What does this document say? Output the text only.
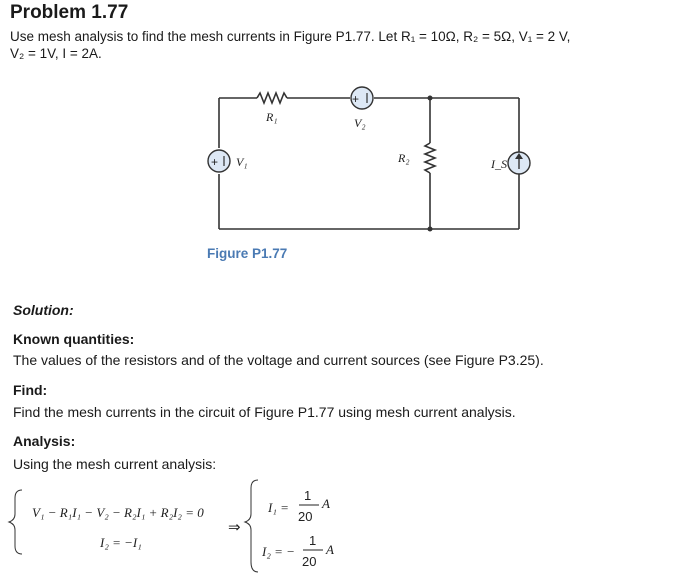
Problem 1.77
Use mesh analysis to find the mesh currents in Figure P1.77. Let R₁ = 10Ω, R₂ = 5Ω, V₁ = 2 V,
V₂ = 1V, I = 2A.
+ V₁
+
V₂
R₁
R₂	I_S
Figure P1.77
Solution:
Known quantities:
The values of the resistors and of the voltage and current sources (see Figure P3.25).
Find:
Find the mesh currents in the circuit of Figure P1.77 using mesh current analysis.
Analysis:
Using the mesh current analysis:
V₁ − R₁I₁ − V₂ − R₂I₁ + R₂I₂ = 0
I₂ = −I₁
⇒
I₁ =
1
20
A
I₂ = −
1
20
A
